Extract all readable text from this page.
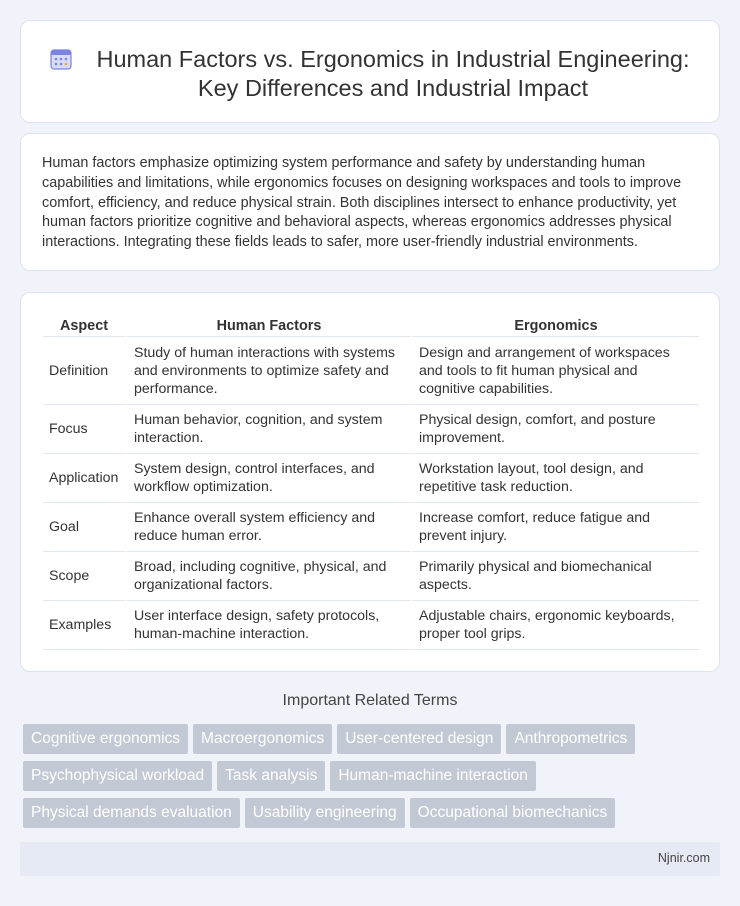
Human Factors vs. Ergonomics in Industrial Engineering:
Key Differences and Industrial Impact

Human factors emphasize optimizing system performance and safety by understanding human capabilities and limitations, while ergonomics focuses on designing workspaces and tools to improve comfort, efficiency, and reduce physical strain. Both disciplines intersect to enhance productivity, yet human factors prioritize cognitive and behavioral aspects, whereas ergonomics addresses physical interactions. Integrating these fields leads to safer, more user-friendly industrial environments.

Aspect	Human Factors	Ergonomics
Definition	Study of human interactions with systems and environments to optimize safety and performance.	Design and arrangement of workspaces and tools to fit human physical and cognitive capabilities.
Focus	Human behavior, cognition, and system interaction.	Physical design, comfort, and posture improvement.
Application	System design, control interfaces, and workflow optimization.	Workstation layout, tool design, and repetitive task reduction.
Goal	Enhance overall system efficiency and reduce human error.	Increase comfort, reduce fatigue and prevent injury.
Scope	Broad, including cognitive, physical, and organizational factors.	Primarily physical and biomechanical aspects.
Examples	User interface design, safety protocols, human-machine interaction.	Adjustable chairs, ergonomic keyboards, proper tool grips.
Important Related Terms
Cognitive ergonomics Macroergonomics User-centered design Anthropometrics
Psychophysical workload Task analysis Human-machine interaction
Physical demands evaluation Usability engineering Occupational biomechanics
Njnir.com
